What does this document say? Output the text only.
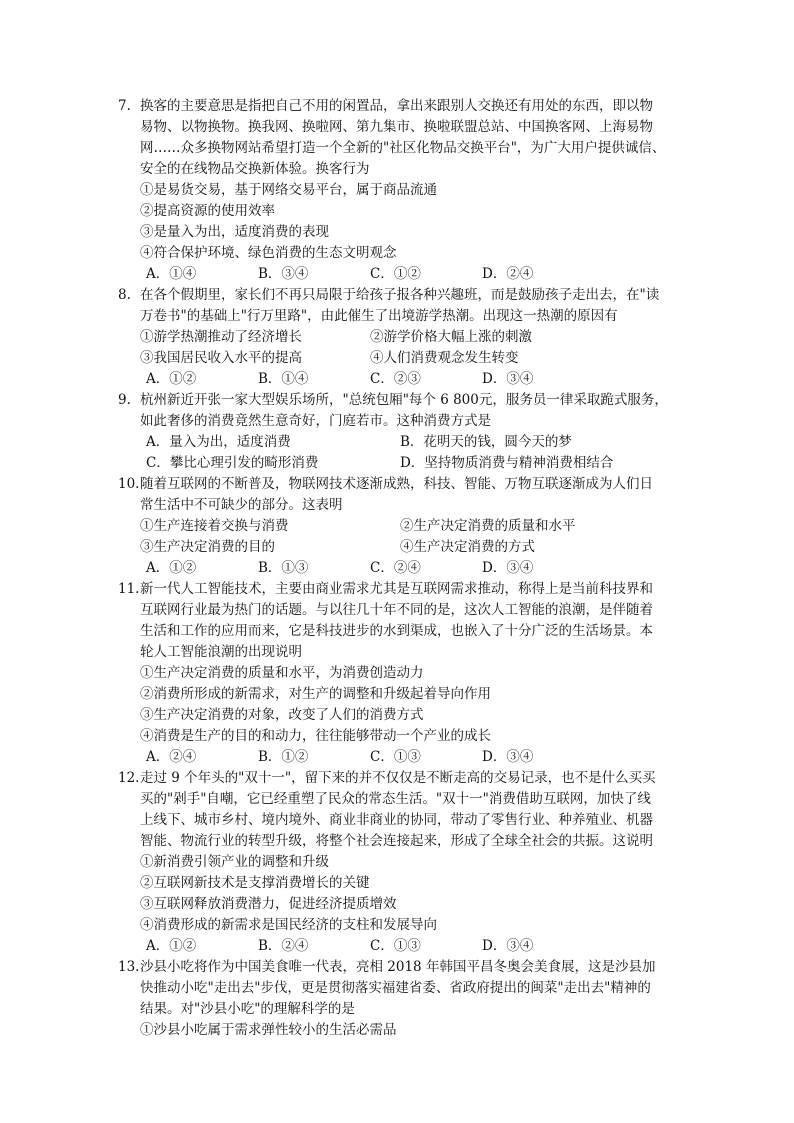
7. 换客的主要意思是指把自己不用的闲置品，拿出来跟别人交换还有用处的东西，即以物
易物、以物换物。换我网、换啦网、第九集市、换啦联盟总站、中国换客网、上海易物
网……众多换物网站希望打造一个全新的"社区化物品交换平台"，为广大用户提供诚信、
安全的在线物品交换新体验。换客行为
①是易货交易，基于网络交易平台，属于商品流通
②提高资源的使用效率
③是量入为出，适度消费的表现
④符合保护环境、绿色消费的生态文明观念
A．①④	B．③④	C．①②	D．②④
8. 在各个假期里，家长们不再只局限于给孩子报各种兴趣班，而是鼓励孩子走出去，在"读
万卷书"的基础上"行万里路"，由此催生了出境游学热潮。出现这一热潮的原因有
①游学热潮推动了经济增长	②游学价格大幅上涨的刺激
③我国居民收入水平的提高	④人们消费观念发生转变
A．①②	B．①④	C．②③	D．③④
9. 杭州新近开张一家大型娱乐场所，"总统包厢"每个 6 800元，服务员一律采取跪式服务，
如此奢侈的消费竟然生意奇好，门庭若市。这种消费方式是
A．量入为出，适度消费	B．花明天的钱，圆今天的梦
C．攀比心理引发的畸形消费	D．坚持物质消费与精神消费相结合
10. 随着互联网的不断普及，物联网技术逐渐成熟，科技、智能、万物互联逐渐成为人们日
常生活中不可缺少的部分。这表明
①生产连接着交换与消费	②生产决定消费的质量和水平
③生产决定消费的目的	④生产决定消费的方式
A．①②	B．①③	C．②④	D．③④
11. 新一代人工智能技术，主要由商业需求尤其是互联网需求推动，称得上是当前科技界和
互联网行业最为热门的话题。与以往几十年不同的是，这次人工智能的浪潮，是伴随着
生活和工作的应用而来，它是科技进步的水到渠成，也嵌入了十分广泛的生活场景。本
轮人工智能浪潮的出现说明
①生产决定消费的质量和水平，为消费创造动力
②消费所形成的新需求，对生产的调整和升级起着导向作用
③生产决定消费的对象，改变了人们的消费方式
④消费是生产的目的和动力，往往能够带动一个产业的成长
A．②④	B．①②	C．①③	D．③④
12. 走过 9 个年头的"双十一"，留下来的并不仅仅是不断走高的交易记录，也不是什么买买
买的"剁手"自嘲，它已经重塑了民众的常态生活。"双十一"消费借助互联网，加快了线
上线下、城市乡村、境内境外、商业非商业的协同，带动了零售行业、种养殖业、机器
智能、物流行业的转型升级，将整个社会连接起来，形成了全球全社会的共振。这说明
①新消费引领产业的调整和升级
②互联网新技术是支撑消费增长的关键
③互联网释放消费潜力，促进经济提质增效
④消费形成的新需求是国民经济的支柱和发展导向
A．①②	B．②④	C．①③	D．③④
13. 沙县小吃将作为中国美食唯一代表，亮相 2018 年韩国平昌冬奥会美食展，这是沙县加
快推动小吃"走出去"步伐，更是贯彻落实福建省委、省政府提出的闽菜"走出去"精神的
结果。对"沙县小吃"的理解科学的是
①沙县小吃属于需求弹性较小的生活必需品
